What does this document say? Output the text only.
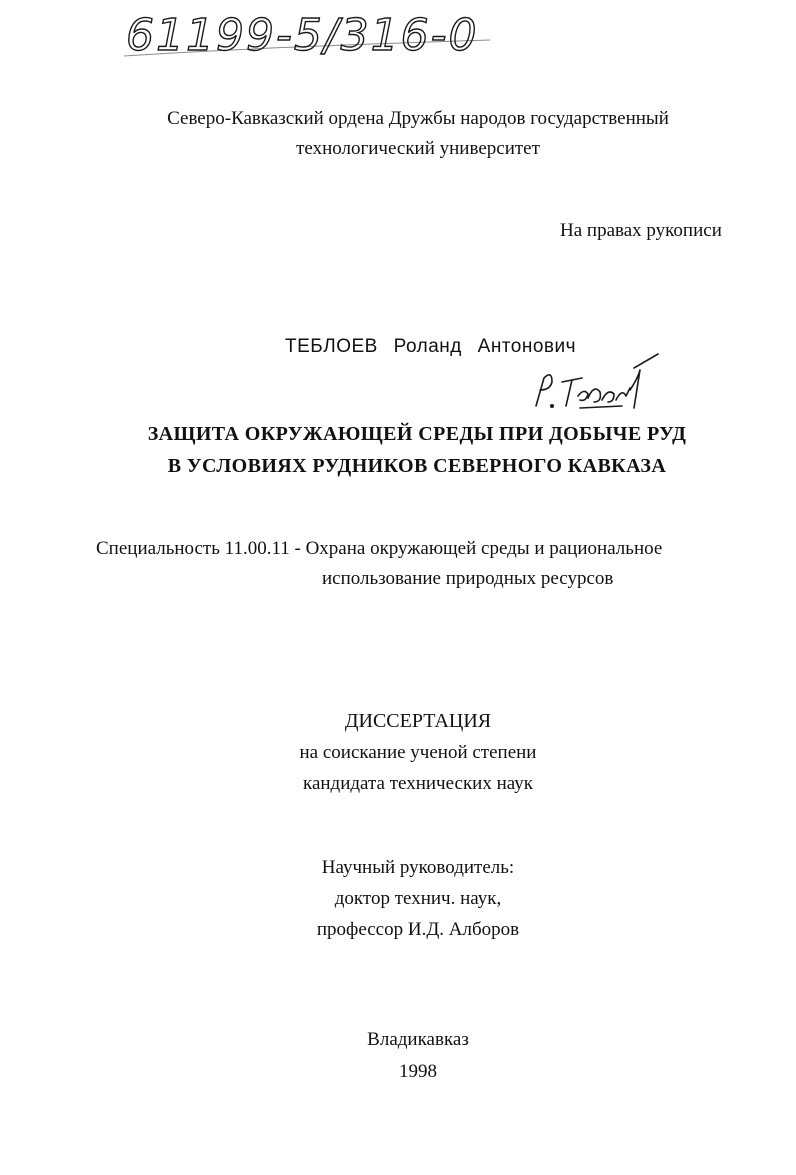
61199-5/316-0
Северо-Кавказский ордена Дружбы народов государственный
технологический университет
На правах рукописи
ТЕБЛОЕВ Роланд Антонович
ЗАЩИТА ОКРУЖАЮЩЕЙ СРЕДЫ ПРИ ДОБЫЧЕ РУД
В УСЛОВИЯХ РУДНИКОВ СЕВЕРНОГО КАВКАЗА
Специальность 11.00.11 - Охрана окружающей среды и рациональное
использование природных ресурсов
ДИССЕРТАЦИЯ
на соискание ученой степени
кандидата технических наук
Научный руководитель:
доктор технич. наук,
профессор И.Д. Алборов
Владикавказ
1998
